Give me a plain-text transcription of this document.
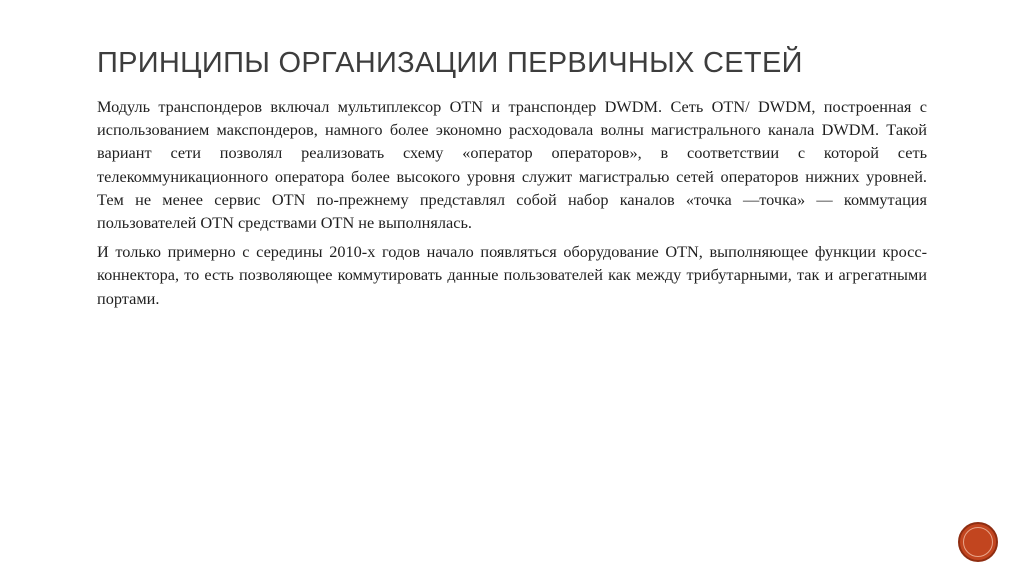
ПРИНЦИПЫ ОРГАНИЗАЦИИ ПЕРВИЧНЫХ СЕТЕЙ

Модуль транспондеров включал мультиплексор OTN и транспондер DWDM. Сеть OTN/ DWDM, построенная с использованием макспондеров, намного более экономно расходовала волны магистрального канала DWDM. Такой вариант сети позволял реализовать схему «оператор операторов», в соответствии с которой сеть телекоммуникационного оператора более высокого уровня служит магистралью сетей операторов нижних уровней. Тем не менее сервис OTN по-прежнему представлял собой набор каналов «точка —точка» — коммутация пользователей OTN средствами OTN не выполнялась.

И только примерно с середины 2010-х годов начало появляться оборудование OTN, выполняющее функции кросс-коннектора, то есть позволяющее коммутировать данные пользователей как между трибутарными, так и агрегатными портами.
